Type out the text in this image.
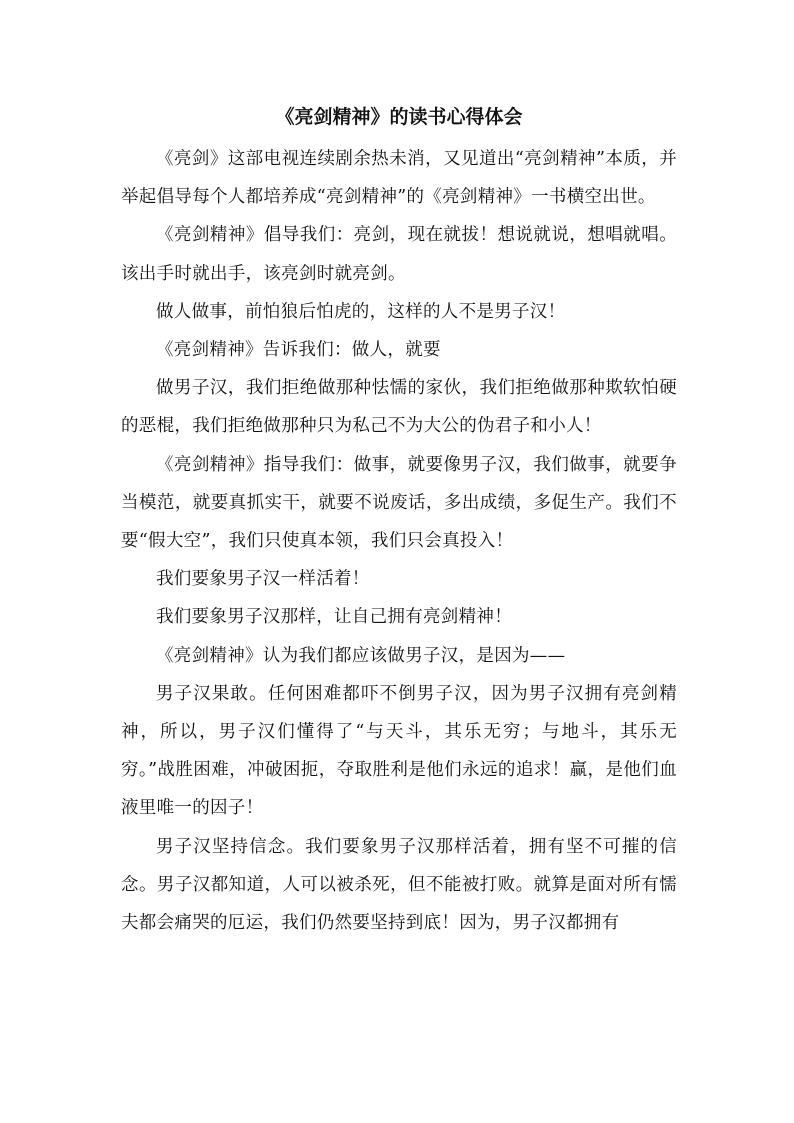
《亮剑精神》的读书心得体会

《亮剑》这部电视连续剧余热未消，又见道出“亮剑精神”本质，并举起倡导每个人都培养成“亮剑精神”的《亮剑精神》一书横空出世。

《亮剑精神》倡导我们：亮剑，现在就拔！想说就说，想唱就唱。该出手时就出手，该亮剑时就亮剑。

做人做事，前怕狼后怕虎的，这样的人不是男子汉！

《亮剑精神》告诉我们：做人，就要

做男子汉，我们拒绝做那种怯懦的家伙，我们拒绝做那种欺软怕硬的恶棍，我们拒绝做那种只为私己不为大公的伪君子和小人！

《亮剑精神》指导我们：做事，就要像男子汉，我们做事，就要争当模范，就要真抓实干，就要不说废话，多出成绩，多促生产。我们不要“假大空”，我们只使真本领，我们只会真投入！

我们要象男子汉一样活着！

我们要象男子汉那样，让自己拥有亮剑精神！

《亮剑精神》认为我们都应该做男子汉，是因为——

男子汉果敢。任何困难都吓不倒男子汉，因为男子汉拥有亮剑精神，所以，男子汉们懂得了“与天斗，其乐无穷；与地斗，其乐无穷。”战胜困难，冲破困扼，夺取胜利是他们永远的追求！赢，是他们血液里唯一的因子！

男子汉坚持信念。我们要象男子汉那样活着，拥有坚不可摧的信念。男子汉都知道，人可以被杀死，但不能被打败。就算是面对所有懦夫都会痛哭的厄运，我们仍然要坚持到底！因为，男子汉都拥有
